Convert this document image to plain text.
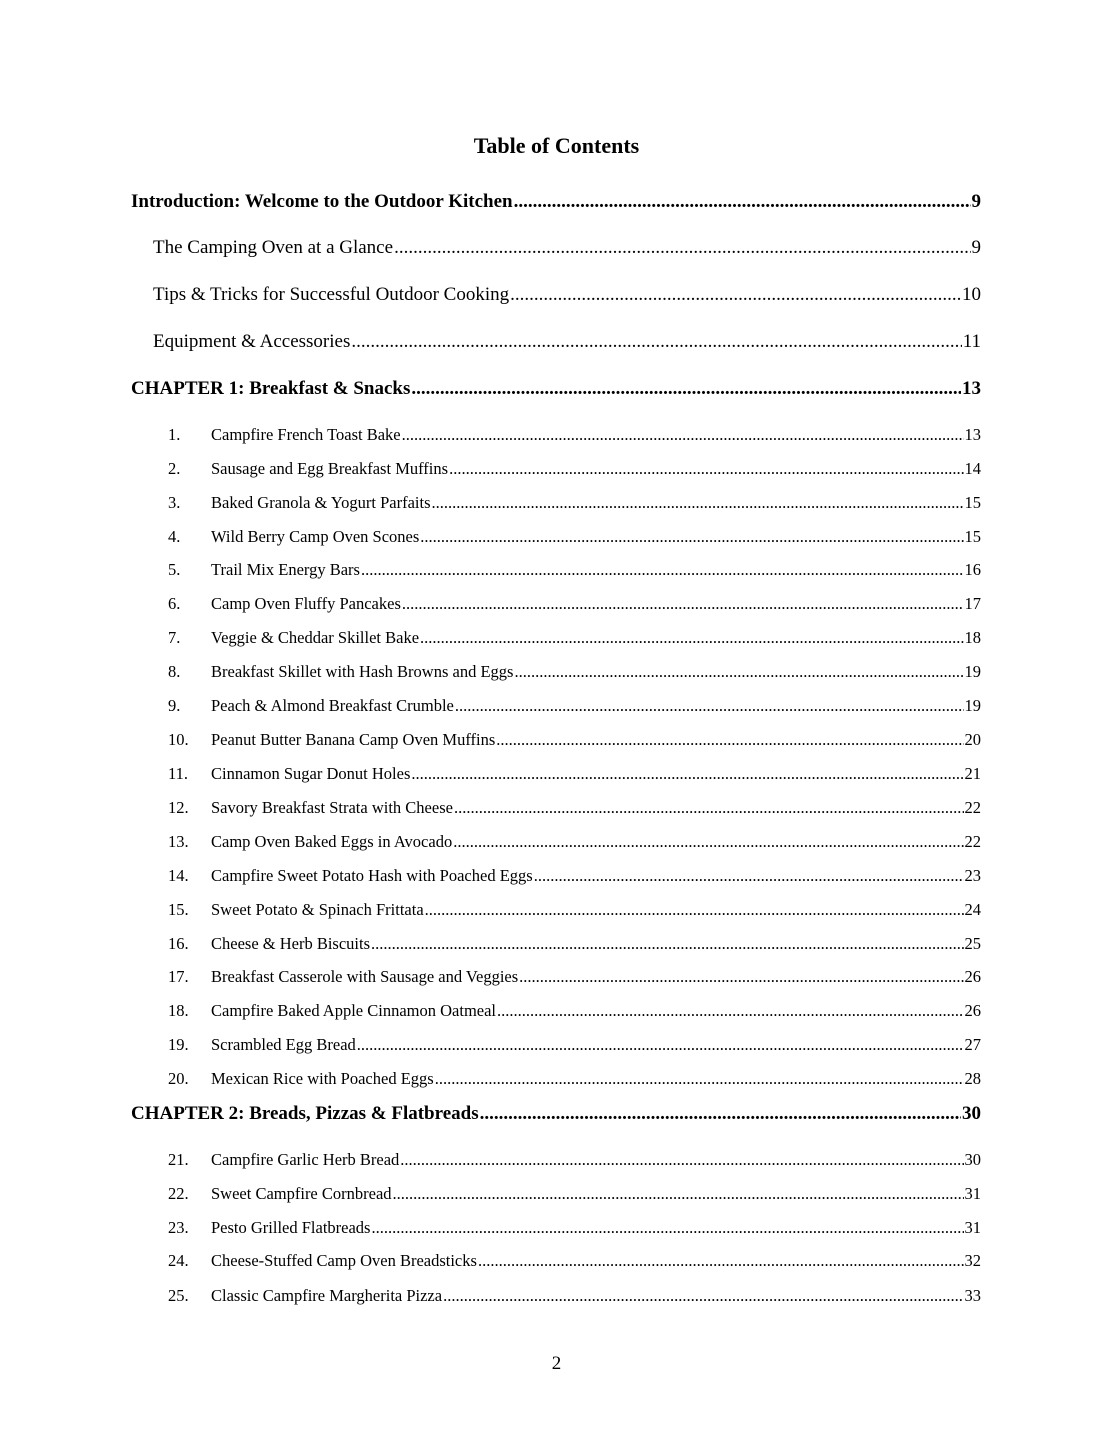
Table of Contents
Introduction: Welcome to the Outdoor Kitchen .....	9
The Camping Oven at a Glance .....	9
Tips & Tricks for Successful Outdoor Cooking .....	10
Equipment & Accessories .....	11
CHAPTER 1: Breakfast & Snacks .....	13
1.	Campfire French Toast Bake .....	13
2.	Sausage and Egg Breakfast Muffins .....	14
3.	Baked Granola & Yogurt Parfaits .....	15
4.	Wild Berry Camp Oven Scones .....	15
5.	Trail Mix Energy Bars .....	16
6.	Camp Oven Fluffy Pancakes .....	17
7.	Veggie & Cheddar Skillet Bake .....	18
8.	Breakfast Skillet with Hash Browns and Eggs .....	19
9.	Peach & Almond Breakfast Crumble .....	19
10.	Peanut Butter Banana Camp Oven Muffins .....	20
11.	Cinnamon Sugar Donut Holes .....	21
12.	Savory Breakfast Strata with Cheese .....	22
13.	Camp Oven Baked Eggs in Avocado .....	22
14.	Campfire Sweet Potato Hash with Poached Eggs .....	23
15.	Sweet Potato & Spinach Frittata .....	24
16.	Cheese & Herb Biscuits .....	25
17.	Breakfast Casserole with Sausage and Veggies .....	26
18.	Campfire Baked Apple Cinnamon Oatmeal .....	26
19.	Scrambled Egg Bread .....	27
20.	Mexican Rice with Poached Eggs .....	28
CHAPTER 2: Breads, Pizzas & Flatbreads .....	30
21.	Campfire Garlic Herb Bread .....	30
22.	Sweet Campfire Cornbread .....	31
23.	Pesto Grilled Flatbreads .....	31
24.	Cheese-Stuffed Camp Oven Breadsticks .....	32
25.	Classic Campfire Margherita Pizza .....	33
2
